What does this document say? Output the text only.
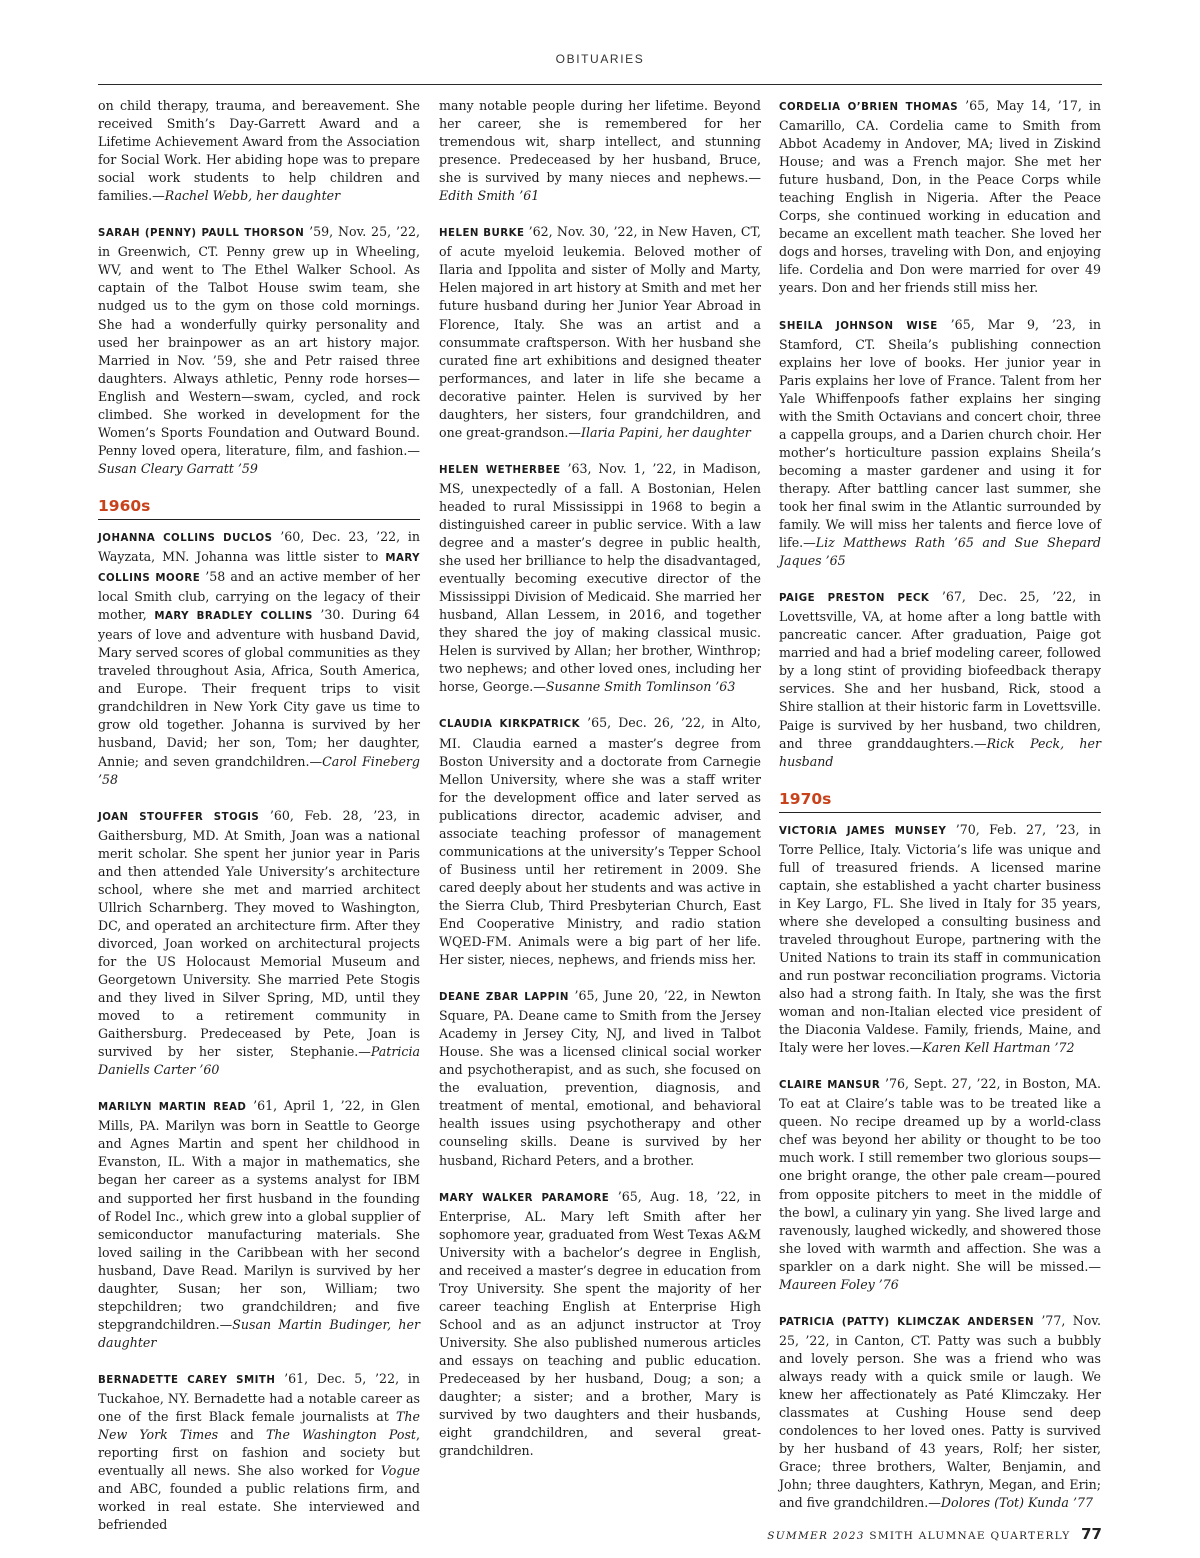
OBITUARIES

on child therapy, trauma, and bereavement. She received Smith’s Day-Garrett Award and a Lifetime Achievement Award from the Association for Social Work. Her abiding hope was to prepare social work students to help children and families.—Rachel Webb, her daughter

SARAH (PENNY) PAULL THORSON ’59, Nov. 25, ’22, in Greenwich, CT. Penny grew up in Wheeling, WV, and went to The Ethel Walker School. As captain of the Talbot House swim team, she nudged us to the gym on those cold mornings. She had a wonderfully quirky personality and used her brainpower as an art history major. Married in Nov. ’59, she and Petr raised three daughters. Always athletic, Penny rode horses—English and Western—swam, cycled, and rock climbed. She worked in development for the Women’s Sports Foundation and Outward Bound. Penny loved opera, literature, film, and fashion.—Susan Cleary Garratt ’59

1960s

JOHANNA COLLINS DUCLOS ’60, Dec. 23, ’22, in Wayzata, MN. Johanna was little sister to MARY COLLINS MOORE ’58 and an active member of her local Smith club, carrying on the legacy of their mother, MARY BRADLEY COLLINS ’30. During 64 years of love and adventure with husband David, Mary served scores of global communities as they traveled throughout Asia, Africa, South America, and Europe. Their frequent trips to visit grandchildren in New York City gave us time to grow old together. Johanna is survived by her husband, David; her son, Tom; her daughter, Annie; and seven grandchildren.—Carol Fineberg ’58

JOAN STOUFFER STOGIS ’60, Feb. 28, ’23, in Gaithersburg, MD. At Smith, Joan was a national merit scholar. She spent her junior year in Paris and then attended Yale University’s architecture school, where she met and married architect Ullrich Scharnberg. They moved to Washington, DC, and operated an architecture firm. After they divorced, Joan worked on architectural projects for the US Holocaust Memorial Museum and Georgetown University. She married Pete Stogis and they lived in Silver Spring, MD, until they moved to a retirement community in Gaithersburg. Predeceased by Pete, Joan is survived by her sister, Stephanie.—Patricia Daniells Carter ’60

MARILYN MARTIN READ ’61, April 1, ’22, in Glen Mills, PA. Marilyn was born in Seattle to George and Agnes Martin and spent her childhood in Evanston, IL. With a major in mathematics, she began her career as a systems analyst for IBM and supported her first husband in the founding of Rodel Inc., which grew into a global supplier of semiconductor manufacturing materials. She loved sailing in the Caribbean with her second husband, Dave Read. Marilyn is survived by her daughter, Susan; her son, William; two stepchildren; two grandchildren; and five stepgrandchildren.—Susan Martin Budinger, her daughter

BERNADETTE CAREY SMITH ’61, Dec. 5, ’22, in Tuckahoe, NY. Bernadette had a notable career as one of the first Black female journalists at The New York Times and The Washington Post, reporting first on fashion and society but eventually all news. She also worked for Vogue and ABC, founded a public relations firm, and worked in real estate. She interviewed and befriended

many notable people during her lifetime. Beyond her career, she is remembered for her tremendous wit, sharp intellect, and stunning presence. Predeceased by her husband, Bruce, she is survived by many nieces and nephews.—Edith Smith ’61

HELEN BURKE ’62, Nov. 30, ’22, in New Haven, CT, of acute myeloid leukemia. Beloved mother of Ilaria and Ippolita and sister of Molly and Marty, Helen majored in art history at Smith and met her future husband during her Junior Year Abroad in Florence, Italy. She was an artist and a consummate craftsperson. With her husband she curated fine art exhibitions and designed theater performances, and later in life she became a decorative painter. Helen is survived by her daughters, her sisters, four grandchildren, and one great-grandson.—Ilaria Papini, her daughter

HELEN WETHERBEE ’63, Nov. 1, ’22, in Madison, MS, unexpectedly of a fall. A Bostonian, Helen headed to rural Mississippi in 1968 to begin a distinguished career in public service. With a law degree and a master’s degree in public health, she used her brilliance to help the disadvantaged, eventually becoming executive director of the Mississippi Division of Medicaid. She married her husband, Allan Lessem, in 2016, and together they shared the joy of making classical music. Helen is survived by Allan; her brother, Winthrop; two nephews; and other loved ones, including her horse, George.—Susanne Smith Tomlinson ’63

CLAUDIA KIRKPATRICK ’65, Dec. 26, ’22, in Alto, MI. Claudia earned a master’s degree from Boston University and a doctorate from Carnegie Mellon University, where she was a staff writer for the development office and later served as publications director, academic adviser, and associate teaching professor of management communications at the university’s Tepper School of Business until her retirement in 2009. She cared deeply about her students and was active in the Sierra Club, Third Presbyterian Church, East End Cooperative Ministry, and radio station WQED-FM. Animals were a big part of her life. Her sister, nieces, nephews, and friends miss her.

DEANE ZBAR LAPPIN ’65, June 20, ’22, in Newton Square, PA. Deane came to Smith from the Jersey Academy in Jersey City, NJ, and lived in Talbot House. She was a licensed clinical social worker and psychotherapist, and as such, she focused on the evaluation, prevention, diagnosis, and treatment of mental, emotional, and behavioral health issues using psychotherapy and other counseling skills. Deane is survived by her husband, Richard Peters, and a brother.

MARY WALKER PARAMORE ’65, Aug. 18, ’22, in Enterprise, AL. Mary left Smith after her sophomore year, graduated from West Texas A&M University with a bachelor’s degree in English, and received a master’s degree in education from Troy University. She spent the majority of her career teaching English at Enterprise High School and as an adjunct instructor at Troy University. She also published numerous articles and essays on teaching and public education. Predeceased by her husband, Doug; a son; a daughter; a sister; and a brother, Mary is survived by two daughters and their husbands, eight grandchildren, and several great-grandchildren.

CORDELIA O’BRIEN THOMAS ’65, May 14, ’17, in Camarillo, CA. Cordelia came to Smith from Abbot Academy in Andover, MA; lived in Ziskind House; and was a French major. She met her future husband, Don, in the Peace Corps while teaching English in Nigeria. After the Peace Corps, she continued working in education and became an excellent math teacher. She loved her dogs and horses, traveling with Don, and enjoying life. Cordelia and Don were married for over 49 years. Don and her friends still miss her.

SHEILA JOHNSON WISE ’65, Mar 9, ’23, in Stamford, CT. Sheila’s publishing connection explains her love of books. Her junior year in Paris explains her love of France. Talent from her Yale Whiffenpoofs father explains her singing with the Smith Octavians and concert choir, three a cappella groups, and a Darien church choir. Her mother’s horticulture passion explains Sheila’s becoming a master gardener and using it for therapy. After battling cancer last summer, she took her final swim in the Atlantic surrounded by family. We will miss her talents and fierce love of life.—Liz Matthews Rath ’65 and Sue Shepard Jaques ’65

PAIGE PRESTON PECK ’67, Dec. 25, ’22, in Lovettsville, VA, at home after a long battle with pancreatic cancer. After graduation, Paige got married and had a brief modeling career, followed by a long stint of providing biofeedback therapy services. She and her husband, Rick, stood a Shire stallion at their historic farm in Lovettsville. Paige is survived by her husband, two children, and three granddaughters.—Rick Peck, her husband

1970s

VICTORIA JAMES MUNSEY ’70, Feb. 27, ’23, in Torre Pellice, Italy. Victoria’s life was unique and full of treasured friends. A licensed marine captain, she established a yacht charter business in Key Largo, FL. She lived in Italy for 35 years, where she developed a consulting business and traveled throughout Europe, partnering with the United Nations to train its staff in communication and run postwar reconciliation programs. Victoria also had a strong faith. In Italy, she was the first woman and non-Italian elected vice president of the Diaconia Valdese. Family, friends, Maine, and Italy were her loves.—Karen Kell Hartman ’72

CLAIRE MANSUR ’76, Sept. 27, ’22, in Boston, MA. To eat at Claire’s table was to be treated like a queen. No recipe dreamed up by a world-class chef was beyond her ability or thought to be too much work. I still remember two glorious soups—one bright orange, the other pale cream—poured from opposite pitchers to meet in the middle of the bowl, a culinary yin yang. She lived large and ravenously, laughed wickedly, and showered those she loved with warmth and affection. She was a sparkler on a dark night. She will be missed.—Maureen Foley ’76

PATRICIA (PATTY) KLIMCZAK ANDERSEN ’77, Nov. 25, ’22, in Canton, CT. Patty was such a bubbly and lovely person. She was a friend who was always ready with a quick smile or laugh. We knew her affectionately as Paté Klimczaky. Her classmates at Cushing House send deep condolences to her loved ones. Patty is survived by her husband of 43 years, Rolf; her sister, Grace; three brothers, Walter, Benjamin, and John; three daughters, Kathryn, Megan, and Erin; and five grandchildren.—Dolores (Tot) Kunda ’77

SUMMER 2023 SMITH ALUMNAE QUARTERLY 77
